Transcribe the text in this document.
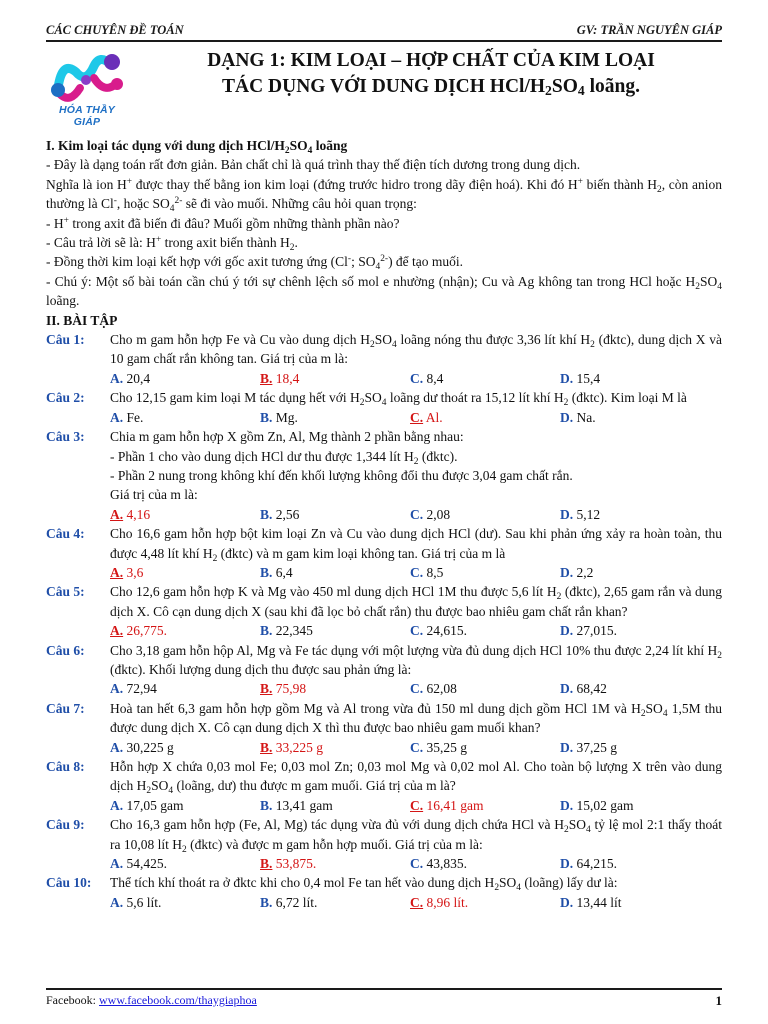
CÁC CHUYÊN ĐỀ TOÁN	GV: TRẦN NGUYÊN GIÁP
HÓA THẦY GIÁP
DẠNG 1: KIM LOẠI – HỢP CHẤT CỦA KIM LOẠI
TÁC DỤNG VỚI DUNG DỊCH HCl/$H_2SO_4$ loãng.
I. Kim loại tác dụng với dung dịch HCl/$H_2SO_4$ loãng
- Đây là dạng toán rất đơn giản. Bản chất chỉ là quá trình thay thế điện tích dương trong dung dịch.
Nghĩa là ion H+ được thay thế bằng ion kim loại (đứng trước hidro trong dãy điện hoá). Khi đó H+ biến thành $H_2$, còn anion thường là Cl-, hoặc $SO_4^{2-}$ sẽ đi vào muối. Những câu hỏi quan trọng:
- H+ trong axit đã biến đi đâu? Muối gồm những thành phần nào?
- Câu trả lời sẽ là: H+ trong axit biến thành $H_2$.
- Đồng thời kim loại kết hợp với gốc axit tương ứng (Cl-; $SO_4^{2-}$) để tạo muối.
- Chú ý: Một số bài toán cần chú ý tới sự chênh lệch số mol e nhường (nhận); Cu và Ag không tan trong HCl hoặc $H_2SO_4$ loãng.
II. BÀI TẬP
Câu 1:	Cho m gam hỗn hợp Fe và Cu vào dung dịch $H_2SO_4$ loãng nóng thu được 3,36 lít khí $H_2$ (đktc), dung dịch X và 10 gam chất rắn không tan. Giá trị của m là:
A. 20,4	B. 18,4	C. 8,4	D. 15,4
Câu 2:	Cho 12,15 gam kim loại M tác dụng hết với $H_2SO_4$ loãng dư thoát ra 15,12 lít khí $H_2$ (đktc). Kim loại M là
A. Fe.	B. Mg.	C. Al.	D. Na.
Câu 3:	Chia m gam hỗn hợp X gồm Zn, Al, Mg thành 2 phần bằng nhau:
- Phần 1 cho vào dung dịch HCl dư thu được 1,344 lít $H_2$ (đktc).
- Phần 2 nung trong không khí đến khối lượng không đổi thu được 3,04 gam chất rắn.
Giá trị của m là:
A. 4,16	B. 2,56	C. 2,08	D. 5,12
Câu 4:	Cho 16,6 gam hỗn hợp bột kim loại Zn và Cu vào dung dịch HCl (dư). Sau khi phản ứng xảy ra hoàn toàn, thu được 4,48 lít khí $H_2$ (đktc) và m gam kim loại không tan. Giá trị của m là
A. 3,6	B. 6,4	C. 8,5	D. 2,2
Câu 5:	Cho 12,6 gam hỗn hợp K và Mg vào 450 ml dung dịch HCl 1M thu được 5,6 lít $H_2$ (đktc), 2,65 gam rắn và dung dịch X. Cô cạn dung dịch X (sau khi đã lọc bỏ chất rắn) thu được bao nhiêu gam chất rắn khan?
A. 26,775.	B. 22,345	C. 24,615.	D. 27,015.
Câu 6:	Cho 3,18 gam hỗn hộp Al, Mg và Fe tác dụng với một lượng vừa đủ dung dịch HCl 10% thu được 2,24 lít khí $H_2$ (đktc). Khối lượng dung dịch thu được sau phản ứng là:
A. 72,94	B. 75,98	C. 62,08	D. 68,42
Câu 7:	Hoà tan hết 6,3 gam hỗn hợp gồm Mg và Al trong vừa đủ 150 ml dung dịch gồm HCl 1M và $H_2SO_4$ 1,5M thu được dung dịch X. Cô cạn dung dịch X thì thu được bao nhiêu gam muối khan?
A. 30,225 g	B. 33,225 g	C. 35,25 g	D. 37,25 g
Câu 8:	Hỗn hợp X chứa 0,03 mol Fe; 0,03 mol Zn; 0,03 mol Mg và 0,02 mol Al. Cho toàn bộ lượng X trên vào dung dịch $H_2SO_4$ (loãng, dư) thu được m gam muối. Giá trị của m là?
A. 17,05 gam	B. 13,41 gam	C. 16,41 gam	D. 15,02 gam
Câu 9:	Cho 16,3 gam hỗn hợp (Fe, Al, Mg) tác dụng vừa đủ với dung dịch chứa HCl và $H_2SO_4$ tỷ lệ mol 2:1 thấy thoát ra 10,08 lít $H_2$ (đktc) và được m gam hỗn hợp muối. Giá trị của m là:
A. 54,425.	B. 53,875.	C. 43,835.	D. 64,215.
Câu 10:	Thể tích khí thoát ra ở đktc khi cho 0,4 mol Fe tan hết vào dung dịch $H_2SO_4$ (loãng) lấy dư là:
A. 5,6 lít.	B. 6,72 lít.	C. 8,96 lít.	D. 13,44 lít
Facebook: www.facebook.com/thaygiaphoa	1
